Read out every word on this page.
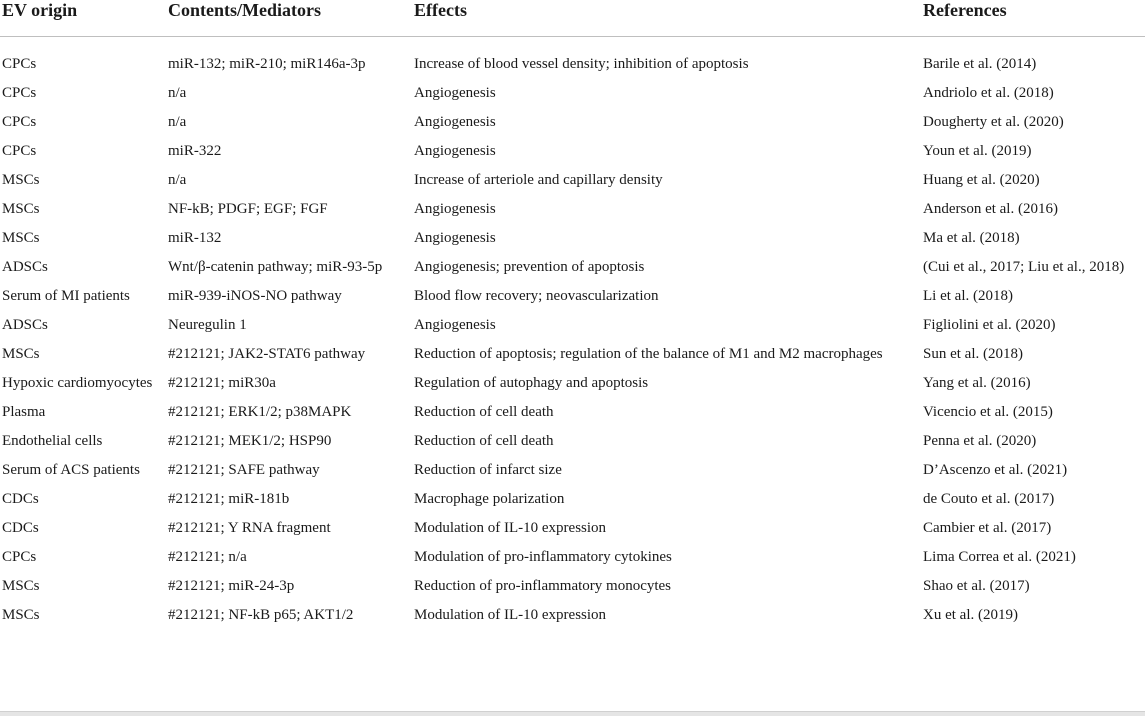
EV origin	Contents/Mediators	Effects	References
CPCs	miR-132; miR-210; miR146a-3p	Increase of blood vessel density; inhibition of apoptosis	Barile et al. (2014)
CPCs	n/a	Angiogenesis	Andriolo et al. (2018)
CPCs	n/a	Angiogenesis	Dougherty et al. (2020)
CPCs	miR-322	Angiogenesis	Youn et al. (2019)
MSCs	n/a	Increase of arteriole and capillary density	Huang et al. (2020)
MSCs	NF-kB; PDGF; EGF; FGF	Angiogenesis	Anderson et al. (2016)
MSCs	miR-132	Angiogenesis	Ma et al. (2018)
ADSCs	Wnt/β-catenin pathway; miR-93-5p	Angiogenesis; prevention of apoptosis	(Cui et al., 2017; Liu et al., 2018)
Serum of MI patients	miR-939-iNOS-NO pathway	Blood flow recovery; neovascularization	Li et al. (2018)
ADSCs	Neuregulin 1	Angiogenesis	Figliolini et al. (2020)
MSCs	#212121; JAK2-STAT6 pathway	Reduction of apoptosis; regulation of the balance of M1 and M2 macrophages	Sun et al. (2018)
Hypoxic cardiomyocytes	#212121; miR30a	Regulation of autophagy and apoptosis	Yang et al. (2016)
Plasma	#212121; ERK1/2; p38MAPK	Reduction of cell death	Vicencio et al. (2015)
Endothelial cells	#212121; MEK1/2; HSP90	Reduction of cell death	Penna et al. (2020)
Serum of ACS patients	#212121; SAFE pathway	Reduction of infarct size	D’Ascenzo et al. (2021)
CDCs	#212121; miR-181b	Macrophage polarization	de Couto et al. (2017)
CDCs	#212121; Y RNA fragment	Modulation of IL-10 expression	Cambier et al. (2017)
CPCs	#212121; n/a	Modulation of pro-inflammatory cytokines	Lima Correa et al. (2021)
MSCs	#212121; miR-24-3p	Reduction of pro-inflammatory monocytes	Shao et al. (2017)
MSCs	#212121; NF-kB p65; AKT1/2	Modulation of IL-10 expression	Xu et al. (2019)
